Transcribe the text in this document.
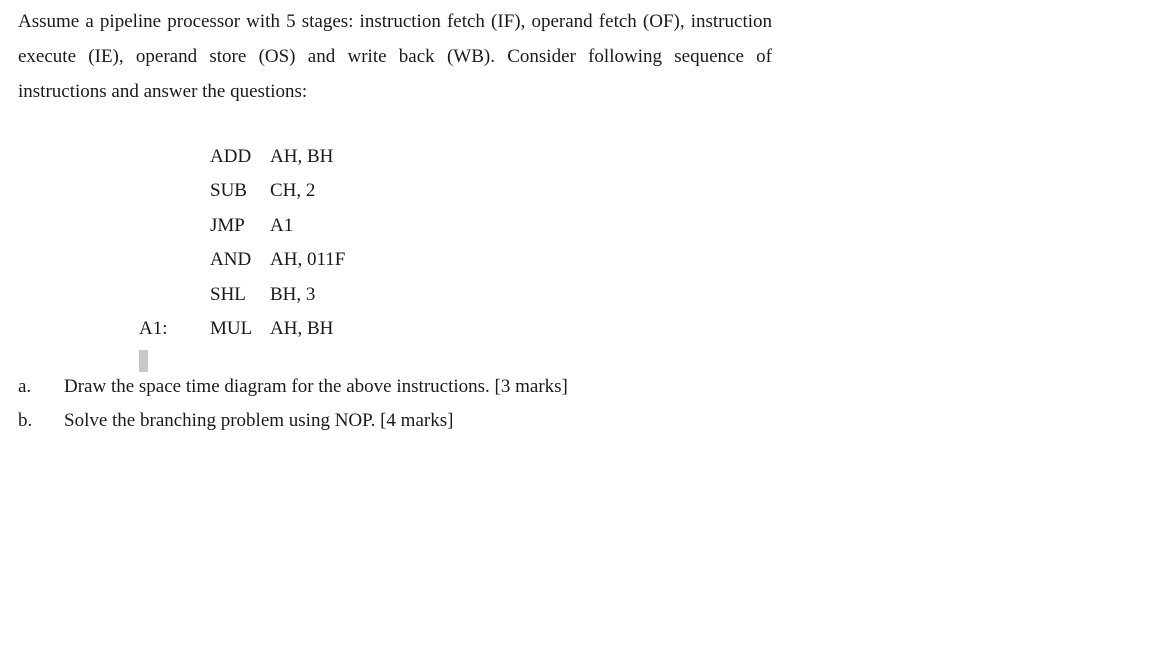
Assume a pipeline processor with 5 stages: instruction fetch (IF), operand fetch (OF), instruction execute (IE), operand store (OS) and write back (WB). Consider following sequence of instructions and answer the questions:

ADD AH, BH
SUB CH, 2
JMP A1
AND AH, 011F
SHL BH, 3
A1: MUL AH, BH
a. Draw the space time diagram for the above instructions. [3 marks]
b. Solve the branching problem using NOP. [4 marks]
